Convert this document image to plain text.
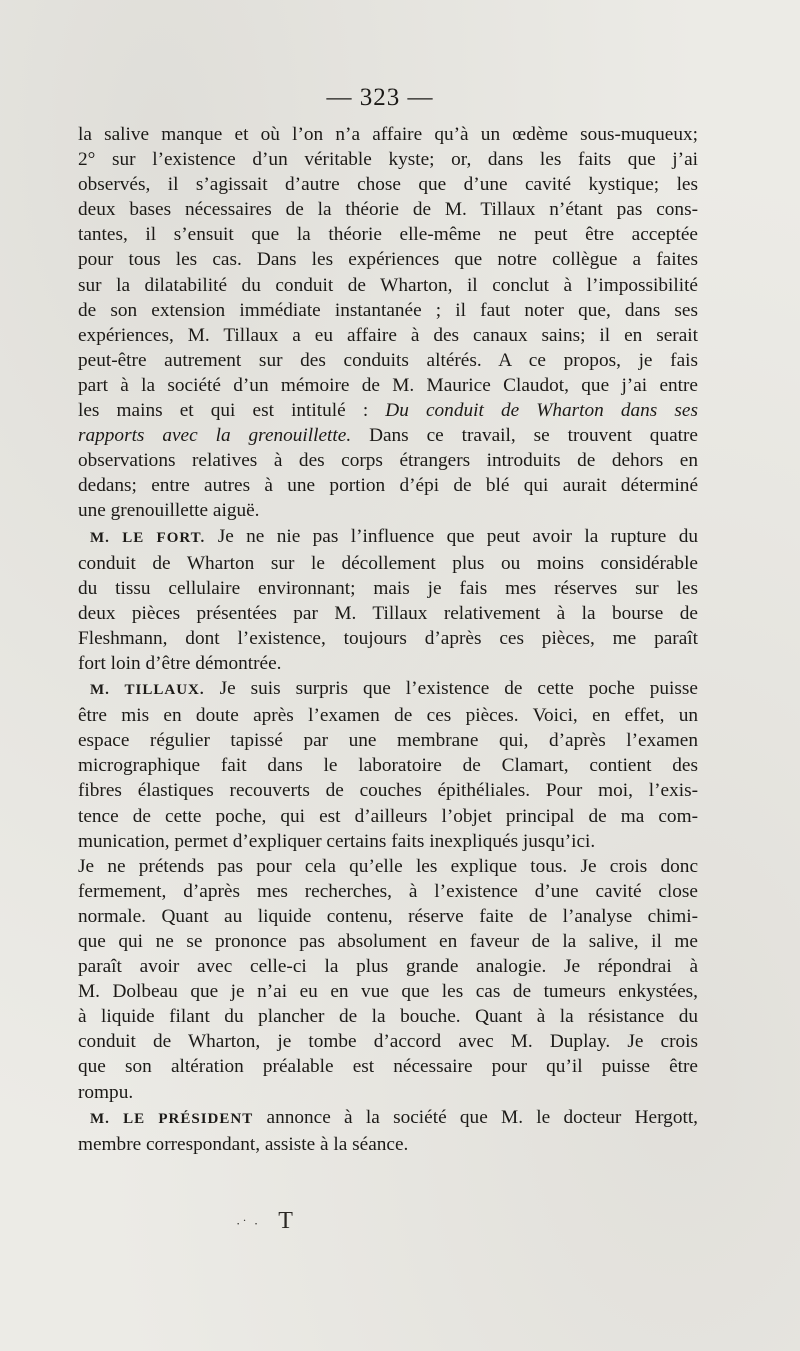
— 323 —
la salive manque et où l’on n’a affaire qu’à un œdème sous-muqueux;
2° sur l’existence d’un véritable kyste; or, dans les faits que j’ai
observés, il s’agissait d’autre chose que d’une cavité kystique; les
deux bases nécessaires de la théorie de M. Tillaux n’étant pas cons-
tantes, il s’ensuit que la théorie elle-même ne peut être acceptée
pour tous les cas. Dans les expériences que notre collègue a faites
sur la dilatabilité du conduit de Wharton, il conclut à l’impossibilité
de son extension immédiate instantanée ; il faut noter que, dans ses
expériences, M. Tillaux a eu affaire à des canaux sains; il en serait
peut-être autrement sur des conduits altérés. A ce propos, je fais
part à la société d’un mémoire de M. Maurice Claudot, que j’ai entre
les mains et qui est intitulé : Du conduit de Wharton dans ses
rapports avec la grenouillette. Dans ce travail, se trouvent quatre
observations relatives à des corps étrangers introduits de dehors en
dedans; entre autres à une portion d’épi de blé qui aurait déterminé
une grenouillette aiguë.
M. LE FORT. Je ne nie pas l’influence que peut avoir la rupture du
conduit de Wharton sur le décollement plus ou moins considérable
du tissu cellulaire environnant; mais je fais mes réserves sur les
deux pièces présentées par M. Tillaux relativement à la bourse de
Fleshmann, dont l’existence, toujours d’après ces pièces, me paraît
fort loin d’être démontrée.
M. TILLAUX. Je suis surpris que l’existence de cette poche puisse
être mis en doute après l’examen de ces pièces. Voici, en effet, un
espace régulier tapissé par une membrane qui, d’après l’examen
micrographique fait dans le laboratoire de Clamart, contient des
fibres élastiques recouverts de couches épithéliales. Pour moi, l’exis-
tence de cette poche, qui est d’ailleurs l’objet principal de ma com-
munication, permet d’expliquer certains faits inexpliqués jusqu’ici.
Je ne prétends pas pour cela qu’elle les explique tous. Je crois donc
fermement, d’après mes recherches, à l’existence d’une cavité close
normale. Quant au liquide contenu, réserve faite de l’analyse chimi-
que qui ne se prononce pas absolument en faveur de la salive, il me
paraît avoir avec celle-ci la plus grande analogie. Je répondrai à
M. Dolbeau que je n’ai eu en vue que les cas de tumeurs enkystées,
à liquide filant du plancher de la bouche. Quant à la résistance du
conduit de Wharton, je tombe d’accord avec M. Duplay. Je crois
que son altération préalable est nécessaire pour qu’il puisse être
rompu.
M. LE PRÉSIDENT annonce à la société que M. le docteur Hergott,
membre correspondant, assiste à la séance.
·˙ · T
